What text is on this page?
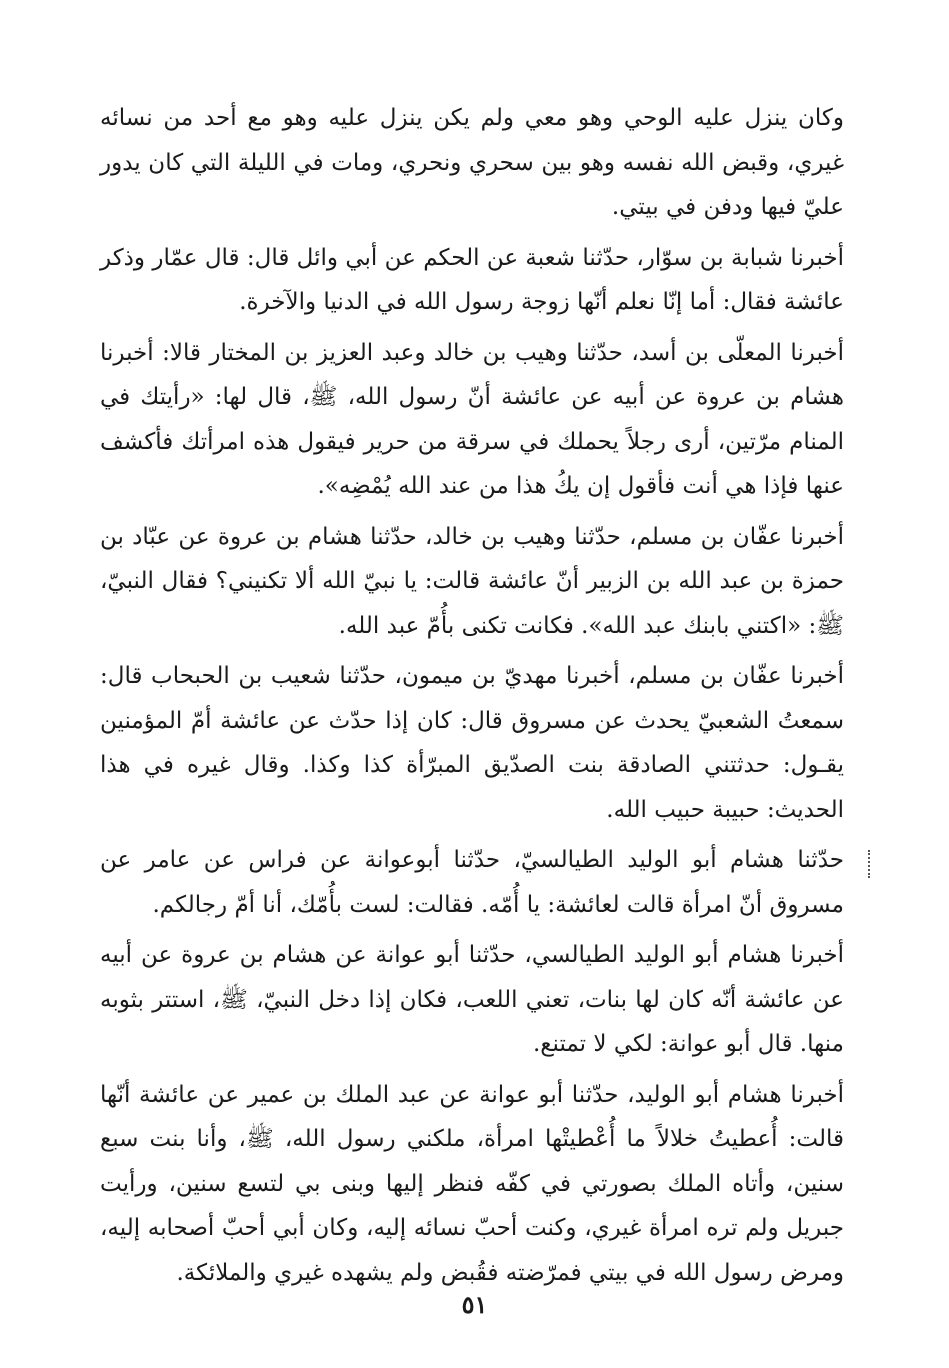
وكان ينزل عليه الوحي وهو معي ولم يكن ينزل عليه وهو مع أحد من نسائه غيري، وقبض الله نفسه وهو بين سحري ونحري، ومات في الليلة التي كان يدور عليّ فيها ودفن في بيتي.

أخبرنا شبابة بن سوّار، حدّثنا شعبة عن الحكم عن أبي وائل قال: قال عمّار وذكر عائشة فقال: أما إنّا نعلم أنّها زوجة رسول الله في الدنيا والآخرة.

أخبرنا المعلّى بن أسد، حدّثنا وهيب بن خالد وعبد العزيز بن المختار قالا: أخبرنا هشام بن عروة عن أبيه عن عائشة أنّ رسول الله، ﷺ، قال لها: «رأيتك في المنام مرّتين، أرى رجلاً يحملك في سرقة من حرير فيقول هذه امرأتك فأكشف عنها فإذا هي أنت فأقول إن يكُ هذا من عند الله يُمْضِه».

أخبرنا عفّان بن مسلم، حدّثنا وهيب بن خالد، حدّثنا هشام بن عروة عن عبّاد بن حمزة بن عبد الله بن الزبير أنّ عائشة قالت: يا نبيّ الله ألا تكنيني؟ فقال النبيّ، ﷺ: «اكتني بابنك عبد الله». فكانت تكنى بأُمّ عبد الله.

أخبرنا عفّان بن مسلم، أخبرنا مهديّ بن ميمون، حدّثنا شعيب بن الحبحاب قال: سمعتُ الشعبيّ يحدث عن مسروق قال: كان إذا حدّث عن عائشة أمّ المؤمنين يقـول: حدثتني الصادقة بنت الصدّيق المبرّأة كذا وكذا. وقال غيره في هذا الحديث: حبيبة حبيب الله.

حدّثنا هشام أبو الوليد الطيالسيّ، حدّثنا أبوعوانة عن فراس عن عامر عن مسروق أنّ امرأة قالت لعائشة: يا أُمّه. فقالت: لست بأُمّك، أنا أمّ رجالكم.

أخبرنا هشام أبو الوليد الطيالسي، حدّثنا أبو عوانة عن هشام بن عروة عن أبيه عن عائشة أنّه كان لها بنات، تعني اللعب، فكان إذا دخل النبيّ، ﷺ، استتر بثوبه منها. قال أبو عوانة: لكي لا تمتنع.

أخبرنا هشام أبو الوليد، حدّثنا أبو عوانة عن عبد الملك بن عمير عن عائشة أنّها قالت: أُعطيتُ خلالاً ما أُعْطيتْها امرأة، ملكني رسول الله، ﷺ، وأنا بنت سبع سنين، وأتاه الملك بصورتي في كفّه فنظر إليها وبنى بي لتسع سنين، ورأيت جبريل ولم تره امرأة غيري، وكنت أحبّ نسائه إليه، وكان أبي أحبّ أصحابه إليه، ومرض رسول الله في بيتي فمرّضته فقُبض ولم يشهده غيري والملائكة.

٥١
